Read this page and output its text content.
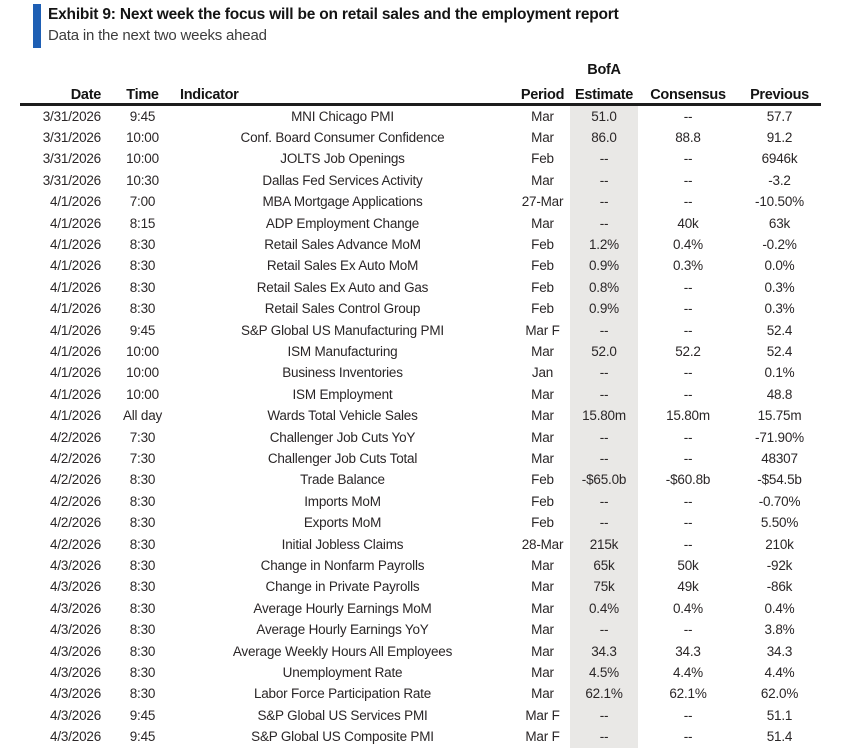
Exhibit 9: Next week the focus will be on retail sales and the employment report
Data in the next two weeks ahead
				BofA		
Date	Time	Indicator	Period	Estimate	Consensus	Previous
3/31/2026	9:45	MNI Chicago PMI	Mar	51.0	--	57.7
3/31/2026	10:00	Conf. Board Consumer Confidence	Mar	86.0	88.8	91.2
3/31/2026	10:00	JOLTS Job Openings	Feb	--	--	6946k
3/31/2026	10:30	Dallas Fed Services Activity	Mar	--	--	-3.2
4/1/2026	7:00	MBA Mortgage Applications	27-Mar	--	--	-10.50%
4/1/2026	8:15	ADP Employment Change	Mar	--	40k	63k
4/1/2026	8:30	Retail Sales Advance MoM	Feb	1.2%	0.4%	-0.2%
4/1/2026	8:30	Retail Sales Ex Auto MoM	Feb	0.9%	0.3%	0.0%
4/1/2026	8:30	Retail Sales Ex Auto and Gas	Feb	0.8%	--	0.3%
4/1/2026	8:30	Retail Sales Control Group	Feb	0.9%	--	0.3%
4/1/2026	9:45	S&P Global US Manufacturing PMI	Mar F	--	--	52.4
4/1/2026	10:00	ISM Manufacturing	Mar	52.0	52.2	52.4
4/1/2026	10:00	Business Inventories	Jan	--	--	0.1%
4/1/2026	10:00	ISM Employment	Mar	--	--	48.8
4/1/2026	All day	Wards Total Vehicle Sales	Mar	15.80m	15.80m	15.75m
4/2/2026	7:30	Challenger Job Cuts YoY	Mar	--	--	-71.90%
4/2/2026	7:30	Challenger Job Cuts Total	Mar	--	--	48307
4/2/2026	8:30	Trade Balance	Feb	-$65.0b	-$60.8b	-$54.5b
4/2/2026	8:30	Imports MoM	Feb	--	--	-0.70%
4/2/2026	8:30	Exports MoM	Feb	--	--	5.50%
4/2/2026	8:30	Initial Jobless Claims	28-Mar	215k	--	210k
4/3/2026	8:30	Change in Nonfarm Payrolls	Mar	65k	50k	-92k
4/3/2026	8:30	Change in Private Payrolls	Mar	75k	49k	-86k
4/3/2026	8:30	Average Hourly Earnings MoM	Mar	0.4%	0.4%	0.4%
4/3/2026	8:30	Average Hourly Earnings YoY	Mar	--	--	3.8%
4/3/2026	8:30	Average Weekly Hours All Employees	Mar	34.3	34.3	34.3
4/3/2026	8:30	Unemployment Rate	Mar	4.5%	4.4%	4.4%
4/3/2026	8:30	Labor Force Participation Rate	Mar	62.1%	62.1%	62.0%
4/3/2026	9:45	S&P Global US Services PMI	Mar F	--	--	51.1
4/3/2026	9:45	S&P Global US Composite PMI	Mar F	--	--	51.4
